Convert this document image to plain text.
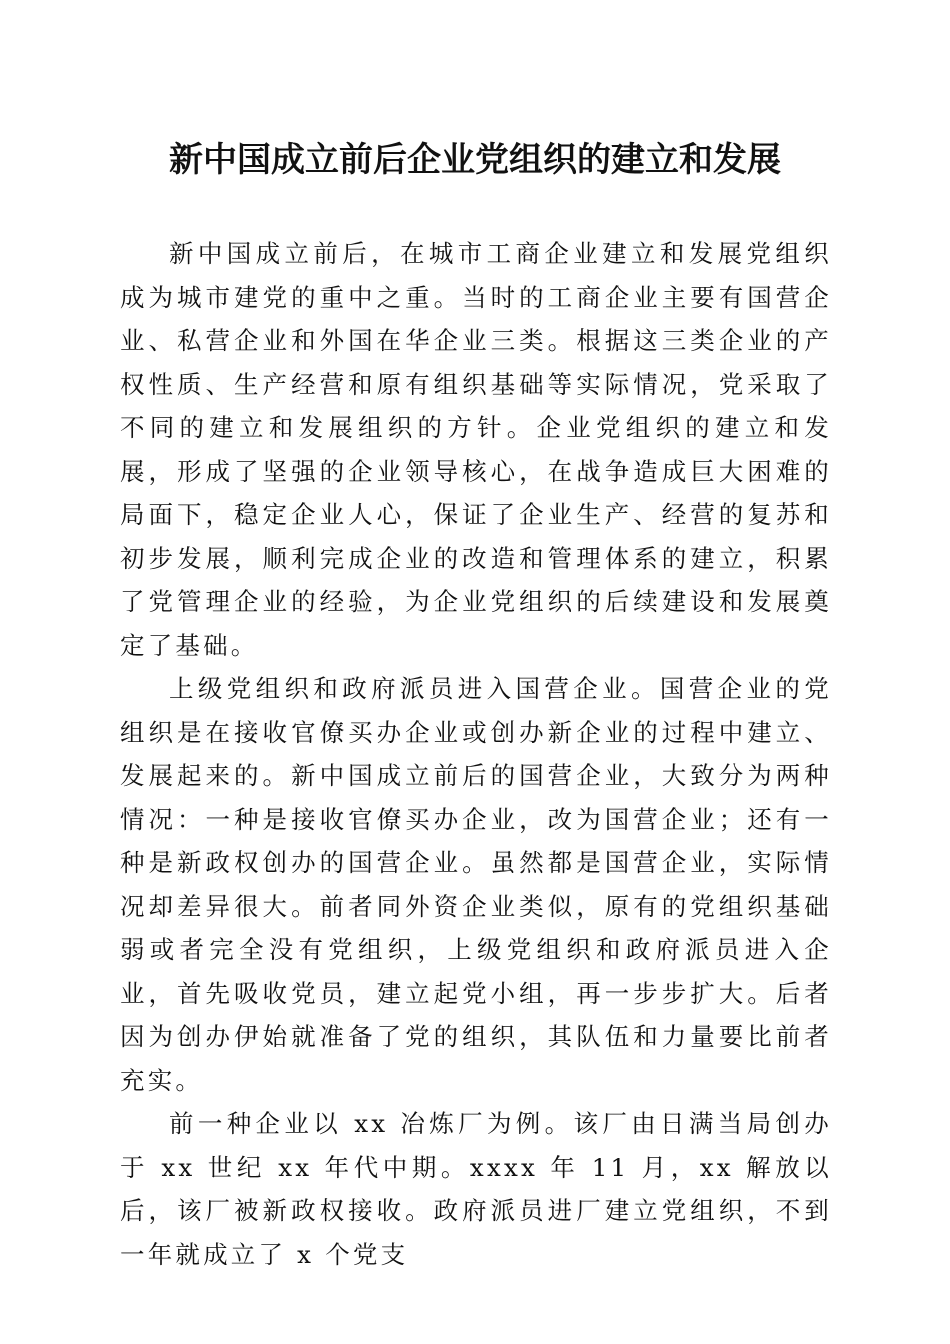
新中国成立前后企业党组织的建立和发展

新中国成立前后，在城市工商企业建立和发展党组织成为城市建党的重中之重。当时的工商企业主要有国营企业、私营企业和外国在华企业三类。根据这三类企业的产权性质、生产经营和原有组织基础等实际情况，党采取了不同的建立和发展组织的方针。企业党组织的建立和发展，形成了坚强的企业领导核心，在战争造成巨大困难的局面下，稳定企业人心，保证了企业生产、经营的复苏和初步发展，顺利完成企业的改造和管理体系的建立，积累了党管理企业的经验，为企业党组织的后续建设和发展奠定了基础。

上级党组织和政府派员进入国营企业。国营企业的党组织是在接收官僚买办企业或创办新企业的过程中建立、发展起来的。新中国成立前后的国营企业，大致分为两种情况：一种是接收官僚买办企业，改为国营企业；还有一种是新政权创办的国营企业。虽然都是国营企业，实际情况却差异很大。前者同外资企业类似，原有的党组织基础弱或者完全没有党组织，上级党组织和政府派员进入企业，首先吸收党员，建立起党小组，再一步步扩大。后者因为创办伊始就准备了党的组织，其队伍和力量要比前者充实。

前一种企业以 xx 冶炼厂为例。该厂由日满当局创办于 xx 世纪 xx 年代中期。xxxx 年 11 月，xx 解放以后，该厂被新政权接收。政府派员进厂建立党组织，不到一年就成立了 x 个党支
